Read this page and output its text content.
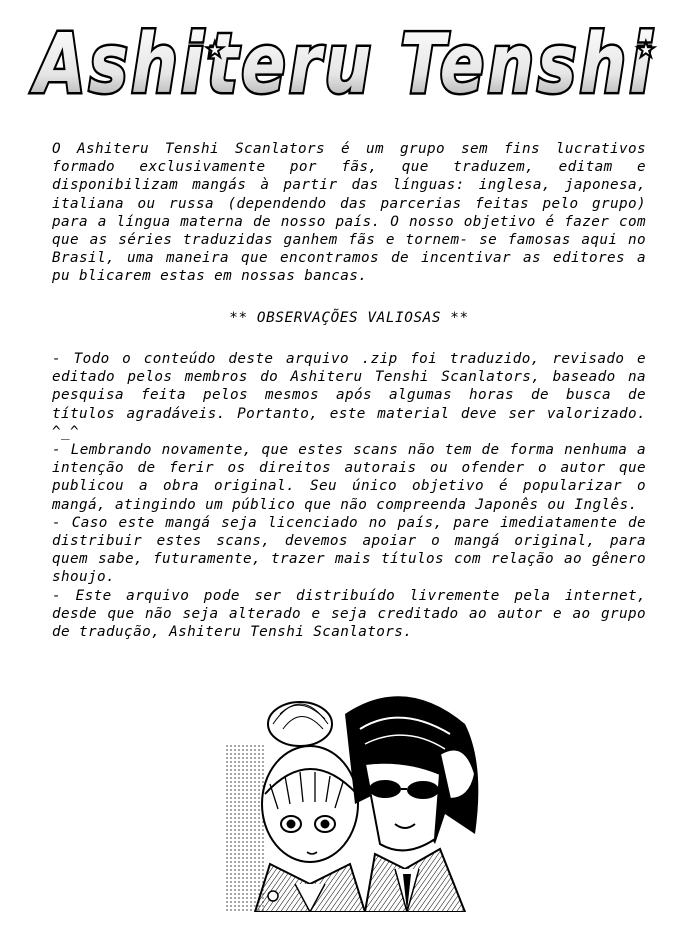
Ashiteru Tenshi
★	★

O Ashiteru Tenshi Scanlators é um grupo sem fins lucrativos formado exclusivamente por fãs, que traduzem, editam e disponibilizam mangás à partir das línguas: inglesa, japonesa, italiana ou russa (dependendo das parcerias feitas pelo grupo) para a língua materna de nosso país. O nosso objetivo é fazer com que as séries traduzidas ganhem fãs e tornem- se famosas aqui no Brasil, uma maneira que encontramos de incentivar as editores a pu blicarem estas em nossas bancas.

** OBSERVAÇÕES VALIOSAS **

- Todo o conteúdo deste arquivo .zip foi traduzido, revisado e editado pelos membros do Ashiteru Tenshi Scanlators, baseado na pesquisa feita pelos mesmos após algumas horas de busca de títulos agradáveis. Portanto, este material deve ser valorizado. ^_^

- Lembrando novamente, que estes scans não tem de forma nenhuma a intenção de ferir os direitos autorais ou ofender o autor que publicou a obra original. Seu único objetivo é popularizar o mangá, atingindo um público que não compreenda Japonês ou Inglês.

- Caso este mangá seja licenciado no país, pare imediatamente de distribuir estes scans, devemos apoiar o mangá original, para quem sabe, futuramente, trazer mais títulos com relação ao gênero shoujo.

- Este arquivo pode ser distribuído livremente pela internet, desde que não seja alterado e seja creditado ao autor e ao grupo de tradução, Ashiteru Tenshi Scanlators.
